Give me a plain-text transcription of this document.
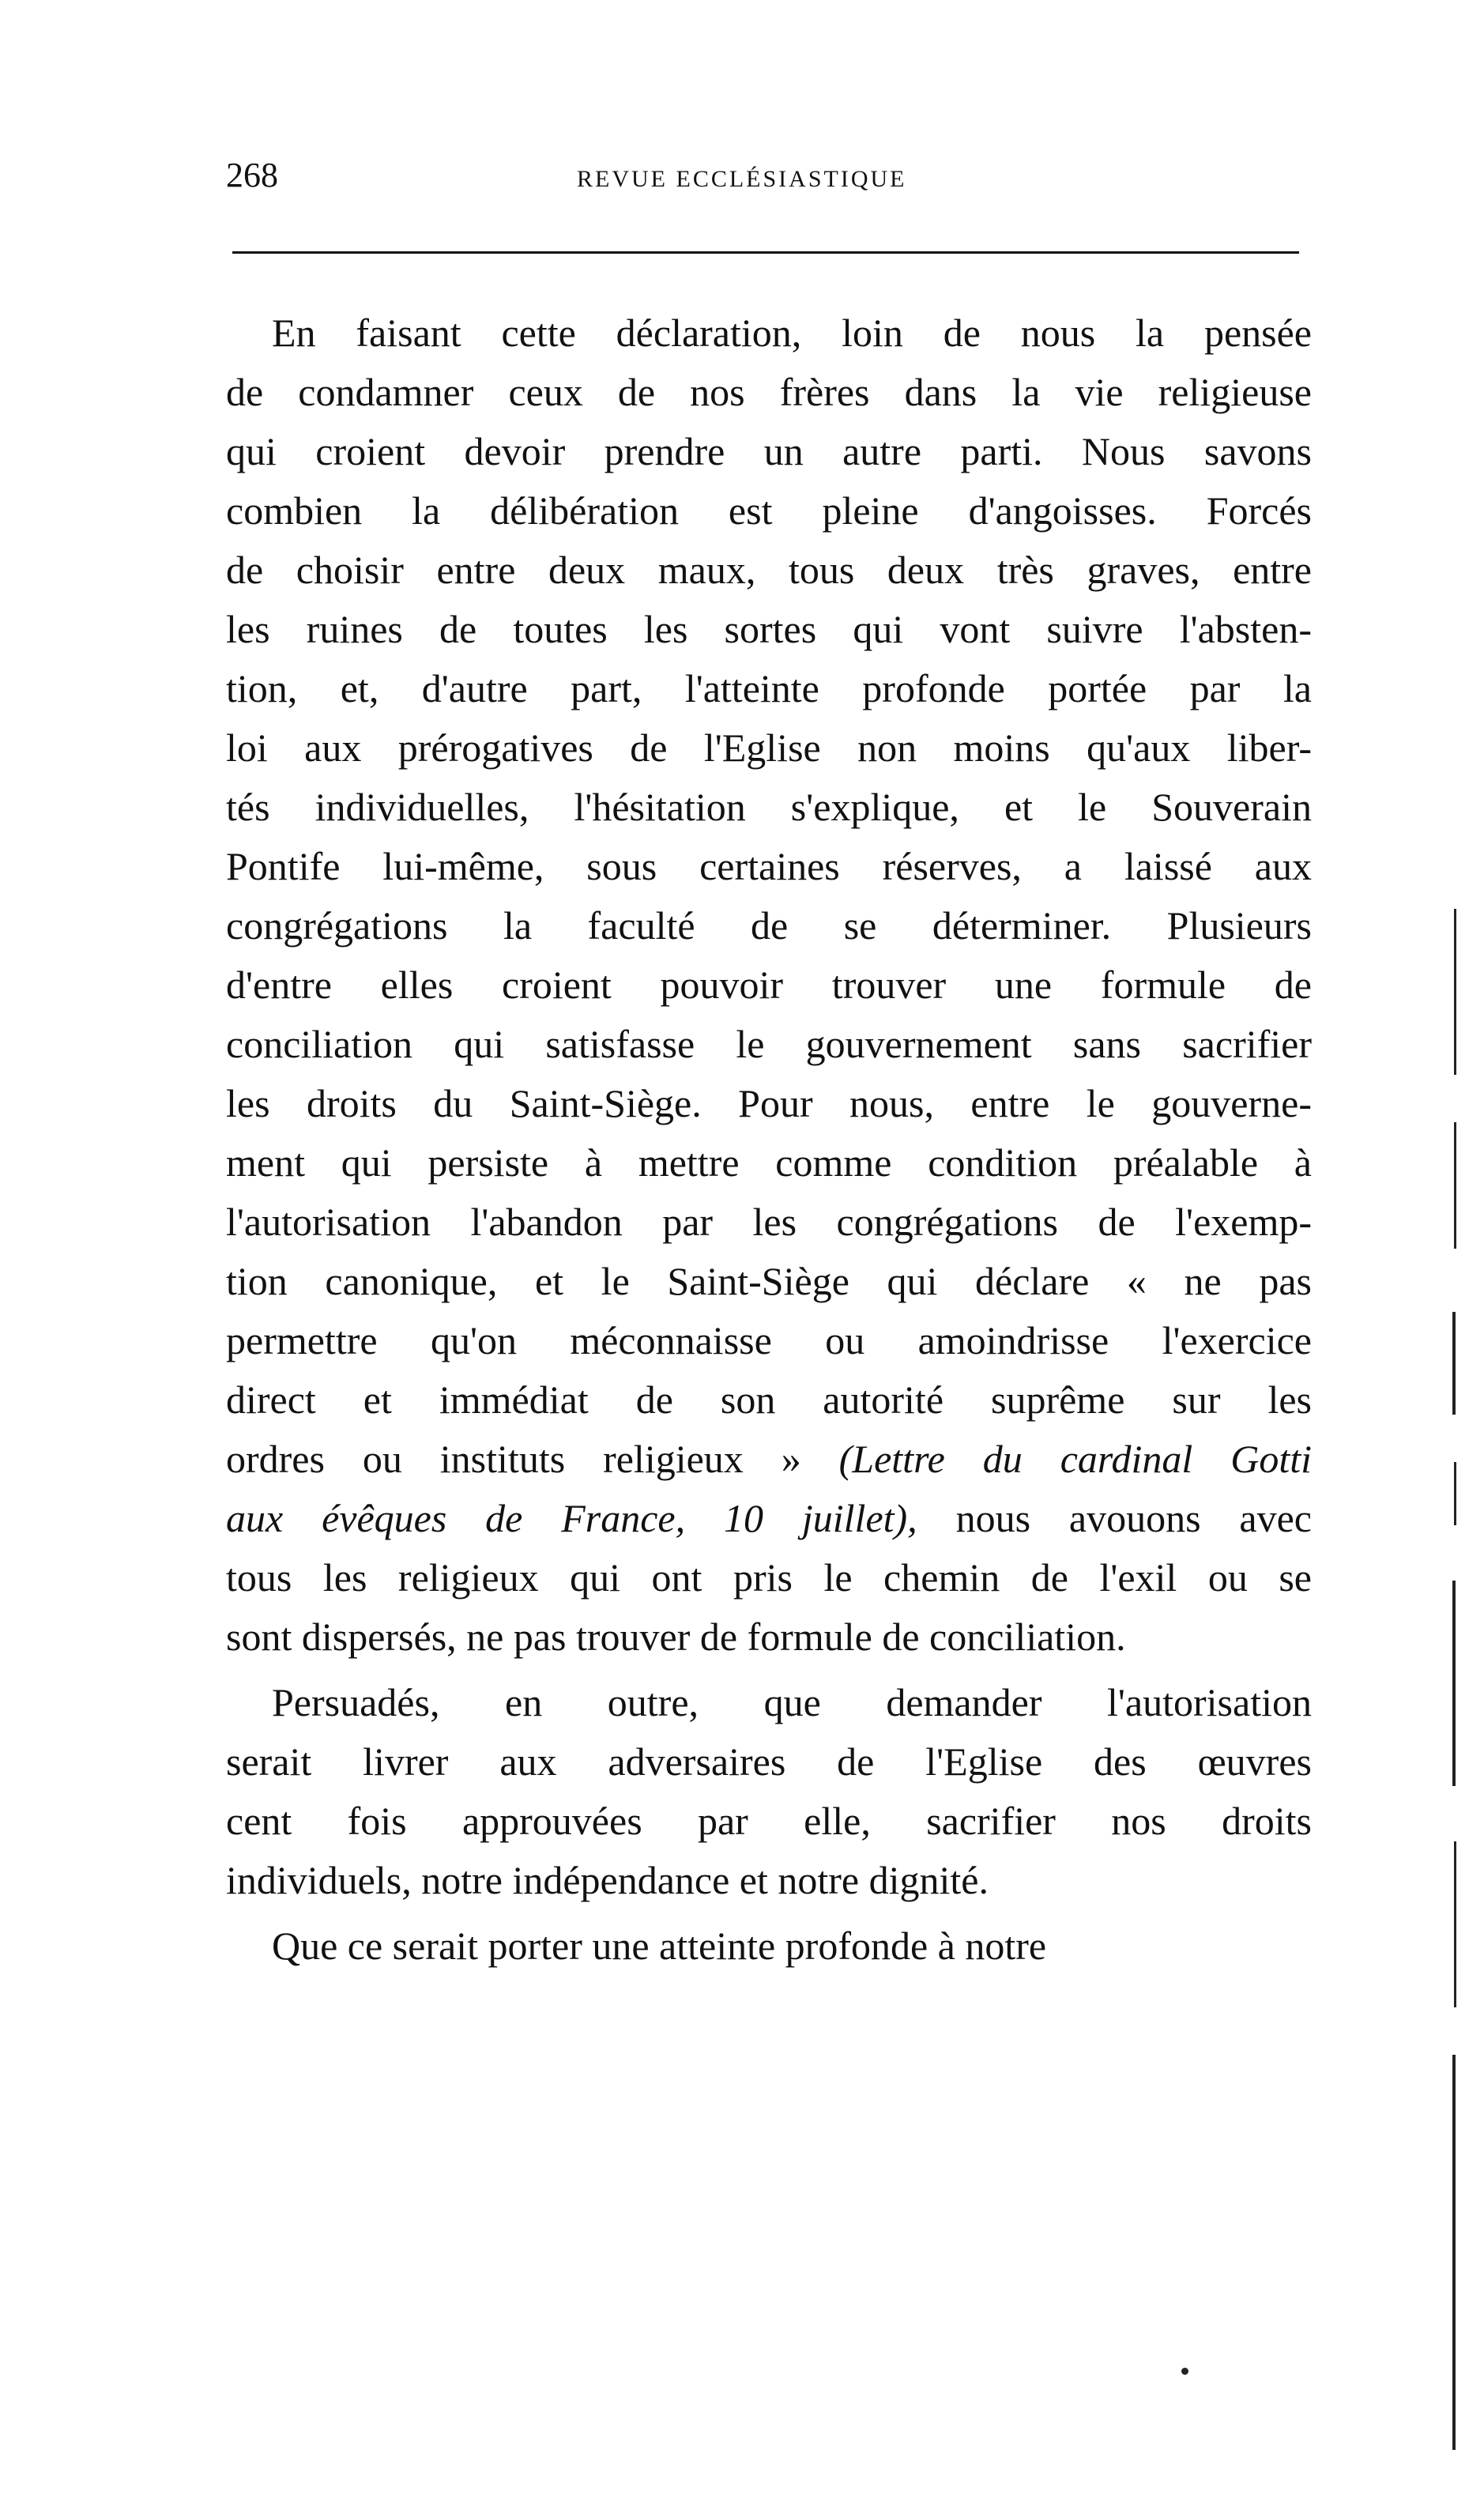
268	REVUE ECCLÉSIASTIQUE
En faisant cette déclaration, loin de nous la pensée
de condamner ceux de nos frères dans la vie religieuse
qui croient devoir prendre un autre parti. Nous savons
combien la délibération est pleine d'angoisses. Forcés
de choisir entre deux maux, tous deux très graves, entre
les ruines de toutes les sortes qui vont suivre l'absten-
tion, et, d'autre part, l'atteinte profonde portée par la
loi aux prérogatives de l'Eglise non moins qu'aux liber-
tés individuelles, l'hésitation s'explique, et le Souverain
Pontife lui-même, sous certaines réserves, a laissé aux
congrégations la faculté de se déterminer. Plusieurs
d'entre elles croient pouvoir trouver une formule de
conciliation qui satisfasse le gouvernement sans sacrifier
les droits du Saint-Siège. Pour nous, entre le gouverne-
ment qui persiste à mettre comme condition préalable à
l'autorisation l'abandon par les congrégations de l'exemp-
tion canonique, et le Saint-Siège qui déclare « ne pas
permettre qu'on méconnaisse ou amoindrisse l'exercice
direct et immédiat de son autorité suprême sur les
ordres ou instituts religieux » (Lettre du cardinal Gotti
aux évêques de France, 10 juillet), nous avouons avec
tous les religieux qui ont pris le chemin de l'exil ou se
sont dispersés, ne pas trouver de formule de conciliation.
Persuadés, en outre, que demander l'autorisation
serait livrer aux adversaires de l'Eglise des œuvres
cent fois approuvées par elle, sacrifier nos droits
individuels, notre indépendance et notre dignité.
Que ce serait porter une atteinte profonde à notre
